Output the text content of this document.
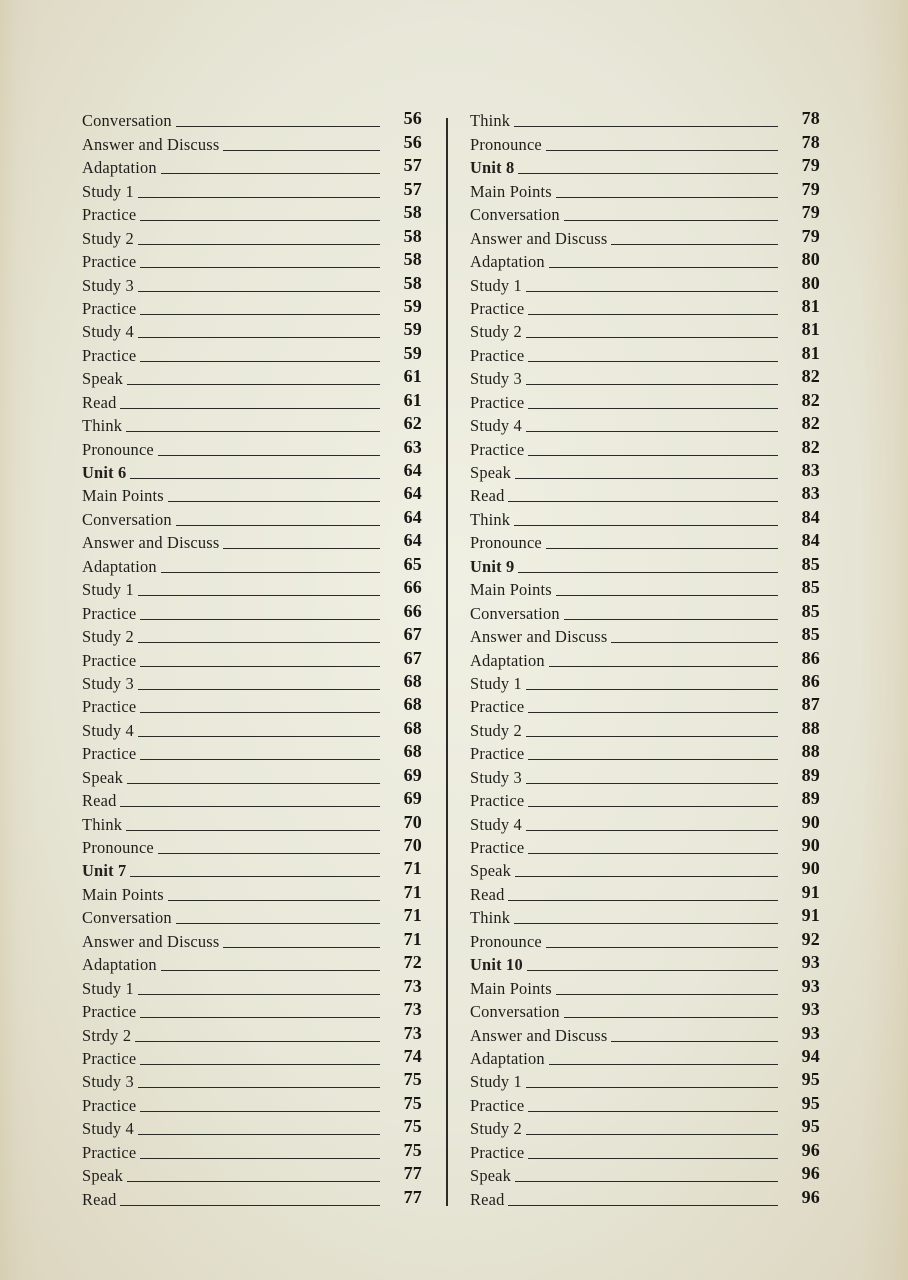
Conversation	56
Answer and Discuss	56
Adaptation	57
Study 1	57
Practice	58
Study 2	58
Practice	58
Study 3	58
Practice	59
Study 4	59
Practice	59
Speak	61
Read	61
Think	62
Pronounce	63
Unit 6	64
Main Points	64
Conversation	64
Answer and Discuss	64
Adaptation	65
Study 1	66
Practice	66
Study 2	67
Practice	67
Study 3	68
Practice	68
Study 4	68
Practice	68
Speak	69
Read	69
Think	70
Pronounce	70
Unit 7	71
Main Points	71
Conversation	71
Answer and Discuss	71
Adaptation	72
Study 1	73
Practice	73
Strdy 2	73
Practice	74
Study 3	75
Practice	75
Study 4	75
Practice	75
Speak	77
Read	77
Think	78
Pronounce	78
Unit 8	79
Main Points	79
Conversation	79
Answer and Discuss	79
Adaptation	80
Study 1	80
Practice	81
Study 2	81
Practice	81
Study 3	82
Practice	82
Study 4	82
Practice	82
Speak	83
Read	83
Think	84
Pronounce	84
Unit 9	85
Main Points	85
Conversation	85
Answer and Discuss	85
Adaptation	86
Study 1	86
Practice	87
Study 2	88
Practice	88
Study 3	89
Practice	89
Study 4	90
Practice	90
Speak	90
Read	91
Think	91
Pronounce	92
Unit 10	93
Main Points	93
Conversation	93
Answer and Discuss	93
Adaptation	94
Study 1	95
Practice	95
Study 2	95
Practice	96
Speak	96
Read	96
